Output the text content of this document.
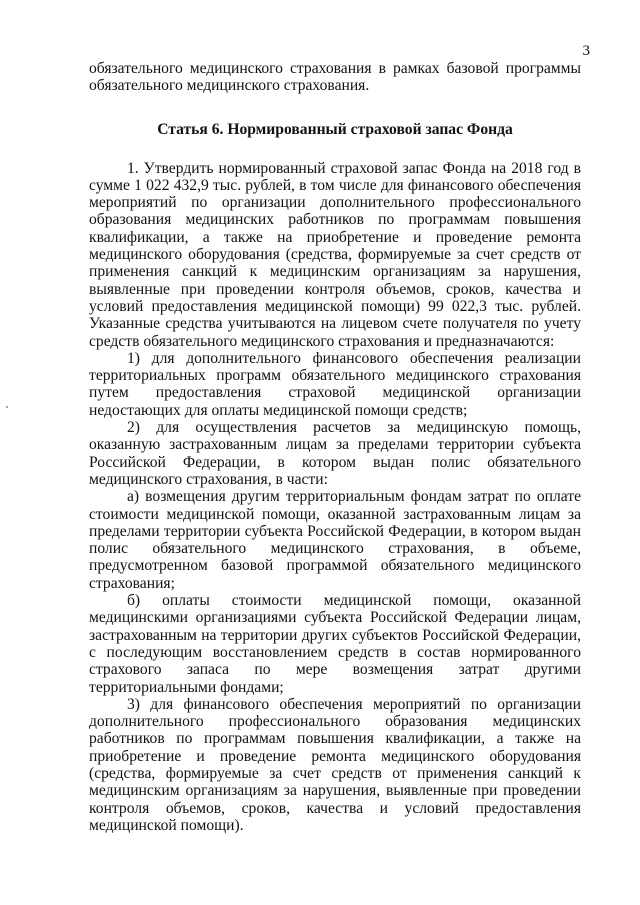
3

обязательного медицинского страхования в рамках базовой программы обязательного медицинского страхования.

Статья 6. Нормированный страховой запас Фонда

1. Утвердить нормированный страховой запас Фонда на 2018 год в сумме 1 022 432,9 тыс. рублей, в том числе для финансового обеспечения мероприятий по организации дополнительного профессионального образования медицинских работников по программам повышения квалификации, а также на приобретение и проведение ремонта медицинского оборудования (средства, формируемые за счет средств от применения санкций к медицинским организациям за нарушения, выявленные при проведении контроля объемов, сроков, качества и условий предоставления медицинской помощи) 99 022,3 тыс. рублей. Указанные средства учитываются на лицевом счете получателя по учету средств обязательного медицинского страхования и предназначаются:

1) для дополнительного финансового обеспечения реализации территориальных программ обязательного медицинского страхования путем предоставления страховой медицинской организации недостающих для оплаты медицинской помощи средств;

2) для осуществления расчетов за медицинскую помощь, оказанную застрахованным лицам за пределами территории субъекта Российской Федерации, в котором выдан полис обязательного медицинского страхования, в части:

а) возмещения другим территориальным фондам затрат по оплате стоимости медицинской помощи, оказанной застрахованным лицам за пределами территории субъекта Российской Федерации, в котором выдан полис обязательного медицинского страхования, в объеме, предусмотренном базовой программой обязательного медицинского страхования;

б) оплаты стоимости медицинской помощи, оказанной медицинскими организациями субъекта Российской Федерации лицам, застрахованным на территории других субъектов Российской Федерации, с последующим восстановлением средств в состав нормированного страхового запаса по мере возмещения затрат другими территориальными фондами;

3) для финансового обеспечения мероприятий по организации дополнительного профессионального образования медицинских работников по программам повышения квалификации, а также на приобретение и проведение ремонта медицинского оборудования (средства, формируемые за счет средств от применения санкций к медицинским организациям за нарушения, выявленные при проведении контроля объемов, сроков, качества и условий предоставления медицинской помощи).
